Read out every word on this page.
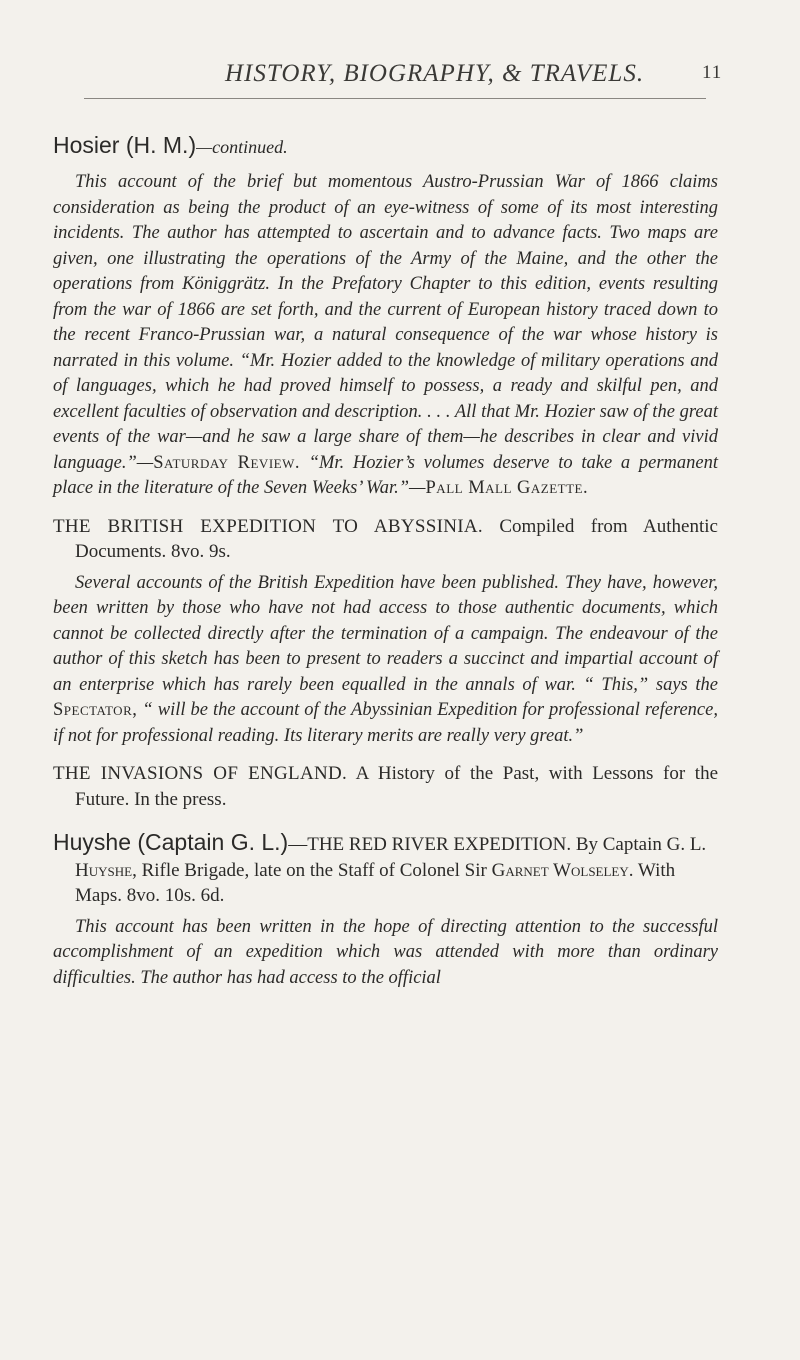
HISTORY, BIOGRAPHY, & TRAVELS.	11
Hosier (H. M.)—continued.

This account of the brief but momentous Austro-Prussian War of 1866 claims consideration as being the product of an eye-witness of some of its most interesting incidents. The author has attempted to ascertain and to advance facts. Two maps are given, one illustrating the operations of the Army of the Maine, and the other the operations from Königgrätz. In the Prefatory Chapter to this edition, events resulting from the war of 1866 are set forth, and the current of European history traced down to the recent Franco-Prussian war, a natural consequence of the war whose history is narrated in this volume. “Mr. Hozier added to the knowledge of military operations and of languages, which he had proved himself to possess, a ready and skilful pen, and excellent faculties of observation and description. . . . All that Mr. Hozier saw of the great events of the war—and he saw a large share of them—he describes in clear and vivid language.”—Saturday Review. “Mr. Hozier’s volumes deserve to take a permanent place in the literature of the Seven Weeks’ War.”—Pall Mall Gazette.

THE BRITISH EXPEDITION TO ABYSSINIA. Compiled from Authentic Documents. 8vo. 9s.

Several accounts of the British Expedition have been published. They have, however, been written by those who have not had access to those authentic documents, which cannot be collected directly after the termination of a campaign. The endeavour of the author of this sketch has been to present to readers a succinct and impartial account of an enterprise which has rarely been equalled in the annals of war. “ This,” says the Spectator, “ will be the account of the Abyssinian Expedition for professional reference, if not for professional reading. Its literary merits are really very great.”

THE INVASIONS OF ENGLAND. A History of the Past, with Lessons for the Future. In the press.

Huyshe (Captain G. L.)—THE RED RIVER EXPEDITION. By Captain G. L. Huyshe, Rifle Brigade, late on the Staff of Colonel Sir Garnet Wolseley. With Maps. 8vo. 10s. 6d.

This account has been written in the hope of directing attention to the successful accomplishment of an expedition which was attended with more than ordinary difficulties. The author has had access to the official
